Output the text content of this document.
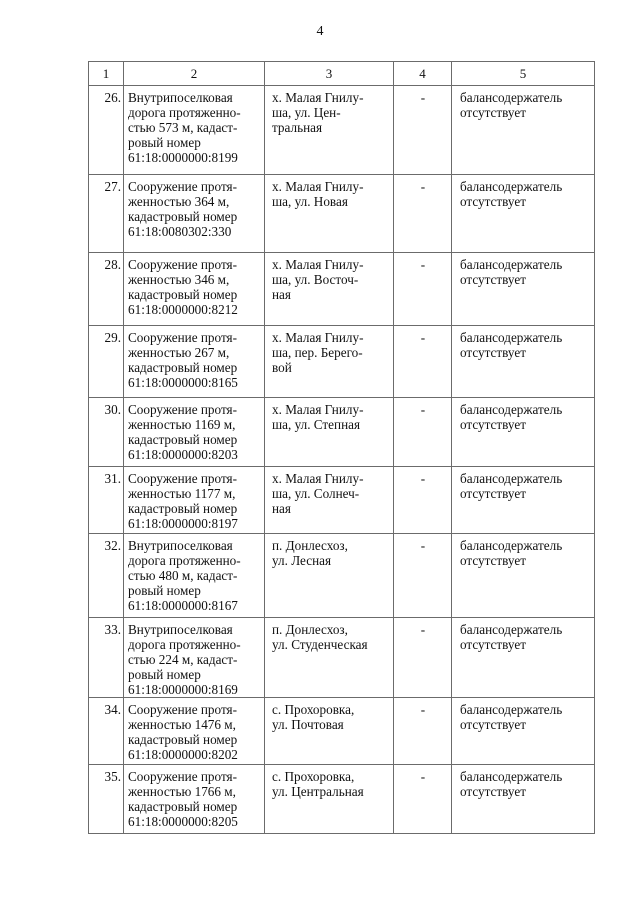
4
1	2	3	4	5
26.	Внутрипоселковая
дорога протяженно-
стью 573 м, кадаст-
ровый номер
61:18:0000000:8199	х. Малая Гнилу-
ша, ул. Цен-
тральная	-	балансодержатель
отсутствует
27.	Сооружение протя-
женностью 364 м,
кадастровый номер
61:18:0080302:330	х. Малая Гнилу-
ша, ул. Новая	-	балансодержатель
отсутствует
28.	Сооружение протя-
женностью 346 м,
кадастровый номер
61:18:0000000:8212	х. Малая Гнилу-
ша, ул. Восточ-
ная	-	балансодержатель
отсутствует
29.	Сооружение протя-
женностью 267 м,
кадастровый номер
61:18:0000000:8165	х. Малая Гнилу-
ша, пер. Берего-
вой	-	балансодержатель
отсутствует
30.	Сооружение протя-
женностью 1169 м,
кадастровый номер
61:18:0000000:8203	х. Малая Гнилу-
ша, ул. Степная	-	балансодержатель
отсутствует
31.	Сооружение протя-
женностью 1177 м,
кадастровый номер
61:18:0000000:8197	х. Малая Гнилу-
ша, ул. Солнеч-
ная	-	балансодержатель
отсутствует
32.	Внутрипоселковая
дорога протяженно-
стью 480 м, кадаст-
ровый номер
61:18:0000000:8167	п. Донлесхоз,
ул. Лесная	-	балансодержатель
отсутствует
33.	Внутрипоселковая
дорога протяженно-
стью 224 м, кадаст-
ровый номер
61:18:0000000:8169	п. Донлесхоз,
ул. Студенческая	-	балансодержатель
отсутствует
34.	Сооружение протя-
женностью 1476 м,
кадастровый номер
61:18:0000000:8202	с. Прохоровка,
ул. Почтовая	-	балансодержатель
отсутствует
35.	Сооружение протя-
женностью 1766 м,
кадастровый номер
61:18:0000000:8205	с. Прохоровка,
ул. Центральная	-	балансодержатель
отсутствует
